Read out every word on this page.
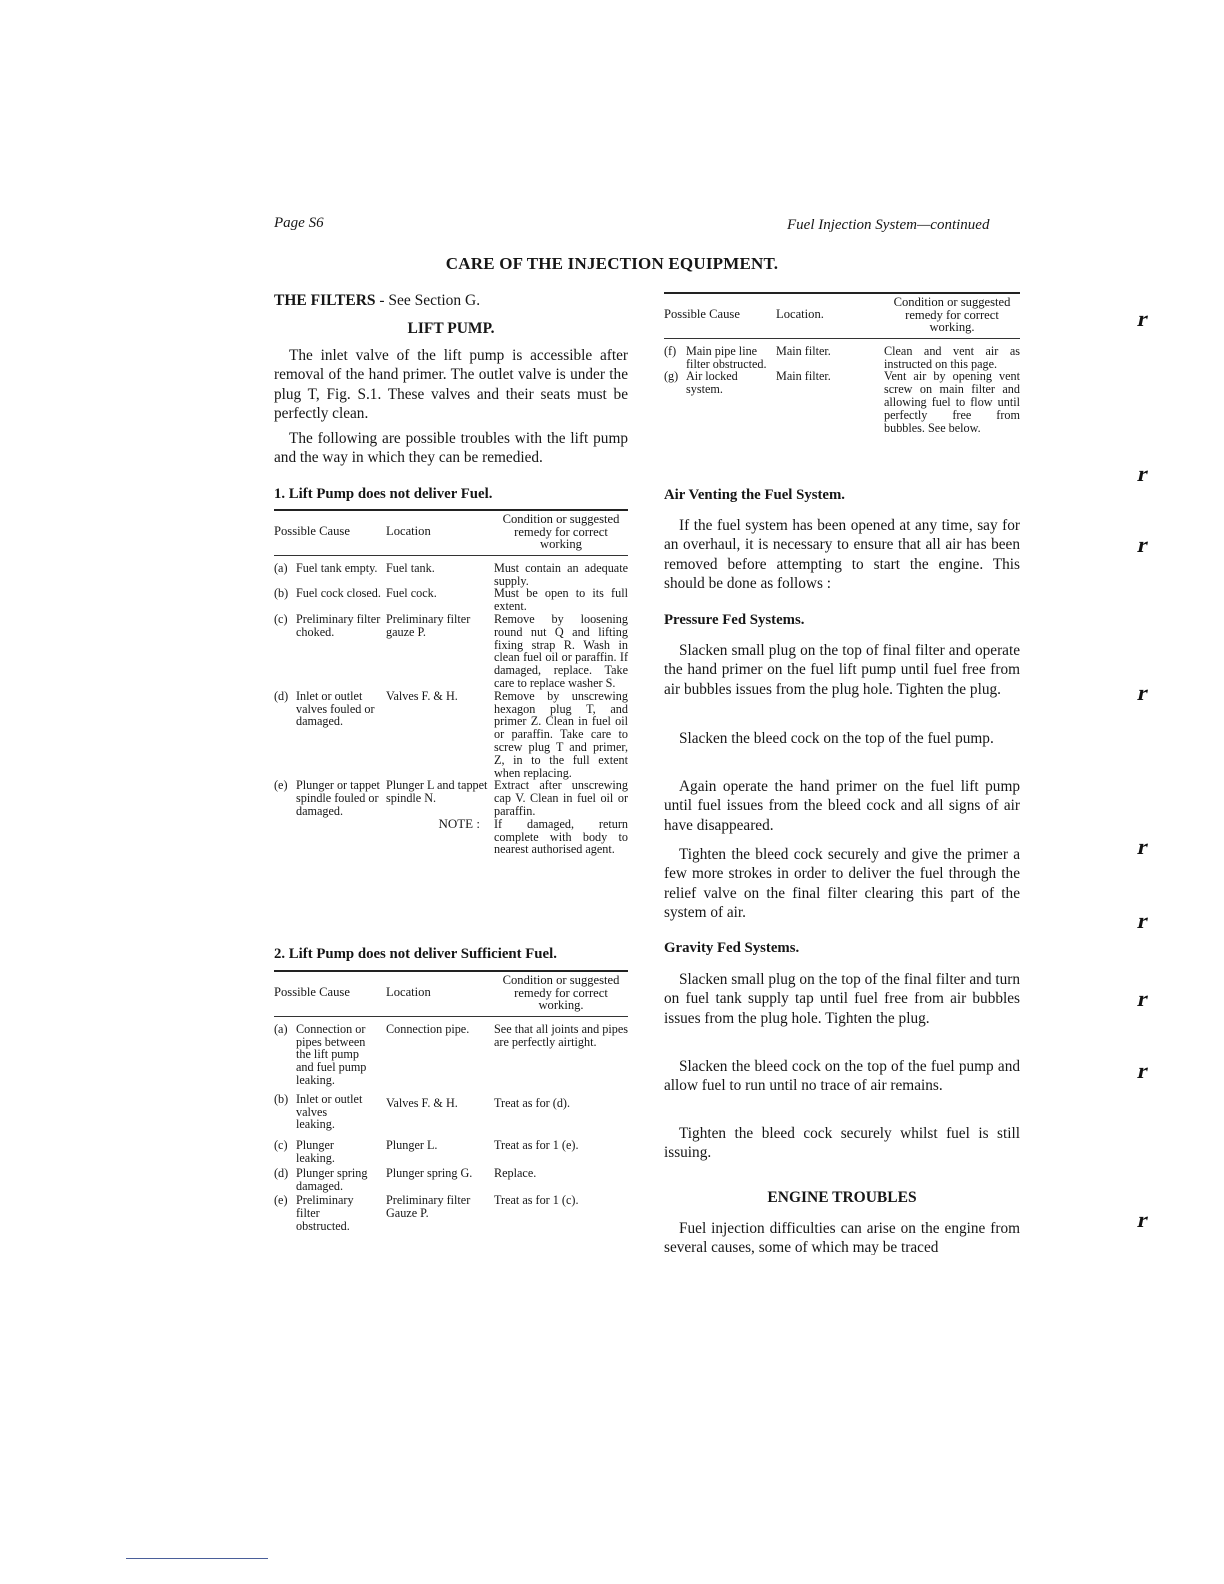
Page S6	Fuel Injection System—continued
CARE OF THE INJECTION EQUIPMENT.
THE FILTERS - See Section G.
LIFT PUMP.

The inlet valve of the lift pump is accessible after removal of the hand primer. The outlet valve is under the plug T, Fig. S.1. These valves and their seats must be perfectly clean.

The following are possible troubles with the lift pump and the way in which they can be remedied.

1. Lift Pump does not deliver Fuel.
Possible Cause	Location	Condition or suggested remedy for correct working

(a) Fuel tank empty.	Fuel tank.	Must contain an adequate supply.
(b) Fuel cock closed.	Fuel cock.	Must be open to its full extent.
(c) Preliminary filter choked.	Preliminary filter gauze P.	Remove by loosening round nut Q and lifting fixing strap R. Wash in clean fuel oil or paraffin. If damaged, replace. Take care to replace washer S.
(d) Inlet or outlet valves fouled or damaged.	Valves F. & H.	Remove by unscrewing hexagon plug T, and primer Z. Clean in fuel oil or paraffin. Take care to screw plug T and primer, Z, in to the full extent when replacing.
(e) Plunger or tappet spindle fouled or damaged.	Plunger L and tappet spindle N.	Extract after unscrewing cap V. Clean in fuel oil or paraffin.
	NOTE :	If damaged, return complete with body to nearest authorised agent.
2. Lift Pump does not deliver Sufficient Fuel.
Possible Cause	Location	Condition or suggested remedy for correct working.

(a) Connection or pipes between the lift pump and fuel pump leaking.	Connection pipe.	See that all joints and pipes are perfectly airtight.
(b) Inlet or outlet valves leaking.	Valves F. & H.	Treat as for (d).
(c) Plunger leaking.	Plunger L.	Treat as for 1 (e).
(d) Plunger spring damaged.	Plunger spring G.	Replace.
(e) Preliminary filter obstructed.	Preliminary filter Gauze P.	Treat as for 1 (c).
Possible Cause	Location.	Condition or suggested remedy for correct working.

(f) Main pipe line filter obstructed.	Main filter.	Clean and vent air as instructed on this page.
(g) Air locked system.	Main filter.	Vent air by opening vent screw on main filter and allowing fuel to flow until perfectly free from bubbles. See below.
Air Venting the Fuel System.

If the fuel system has been opened at any time, say for an overhaul, it is necessary to ensure that all air has been removed before attempting to start the engine. This should be done as follows :

Pressure Fed Systems.

Slacken small plug on the top of final filter and operate the hand primer on the fuel lift pump until fuel free from air bubbles issues from the plug hole. Tighten the plug.

Slacken the bleed cock on the top of the fuel pump.

Again operate the hand primer on the fuel lift pump until fuel issues from the bleed cock and all signs of air have disappeared.

Tighten the bleed cock securely and give the primer a few more strokes in order to deliver the fuel through the relief valve on the final filter clearing this part of the system of air.

Gravity Fed Systems.

Slacken small plug on the top of the final filter and turn on fuel tank supply tap until fuel free from air bubbles issues from the plug hole. Tighten the plug.

Slacken the bleed cock on the top of the fuel pump and allow fuel to run until no trace of air remains.

Tighten the bleed cock securely whilst fuel is still issuing.

ENGINE TROUBLES

Fuel injection difficulties can arise on the engine from several causes, some of which may be traced

r
r
r
r
r
r
r
r
r
